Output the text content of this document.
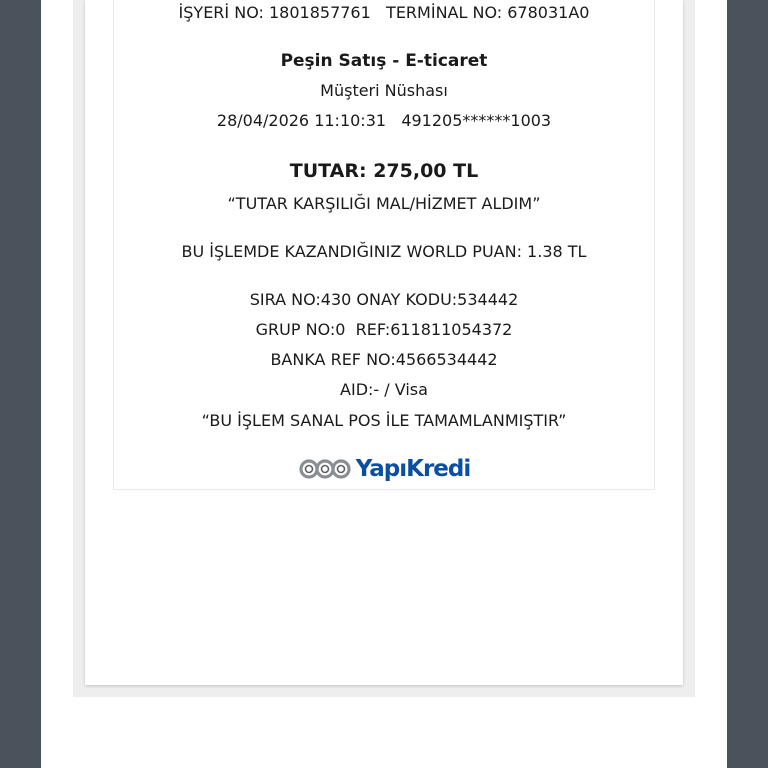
İŞYERİ NO: 1801857761   TERMİNAL NO: 678031A0
Peşin Satış - E-ticaret
Müşteri Nüshası
28/04/2026 11:10:31   491205******1003
TUTAR: 275,00 TL
“TUTAR KARŞILIĞI MAL/HİZMET ALDIM”
BU İŞLEMDE KAZANDIĞINIZ WORLD PUAN: 1.38 TL
SIRA NO:430 ONAY KODU:534442
GRUP NO:0  REF:611811054372
BANKA REF NO:4566534442
AID:- / Visa
“BU İŞLEM SANAL POS İLE TAMAMLANMIŞTIR”
YapıKredi
